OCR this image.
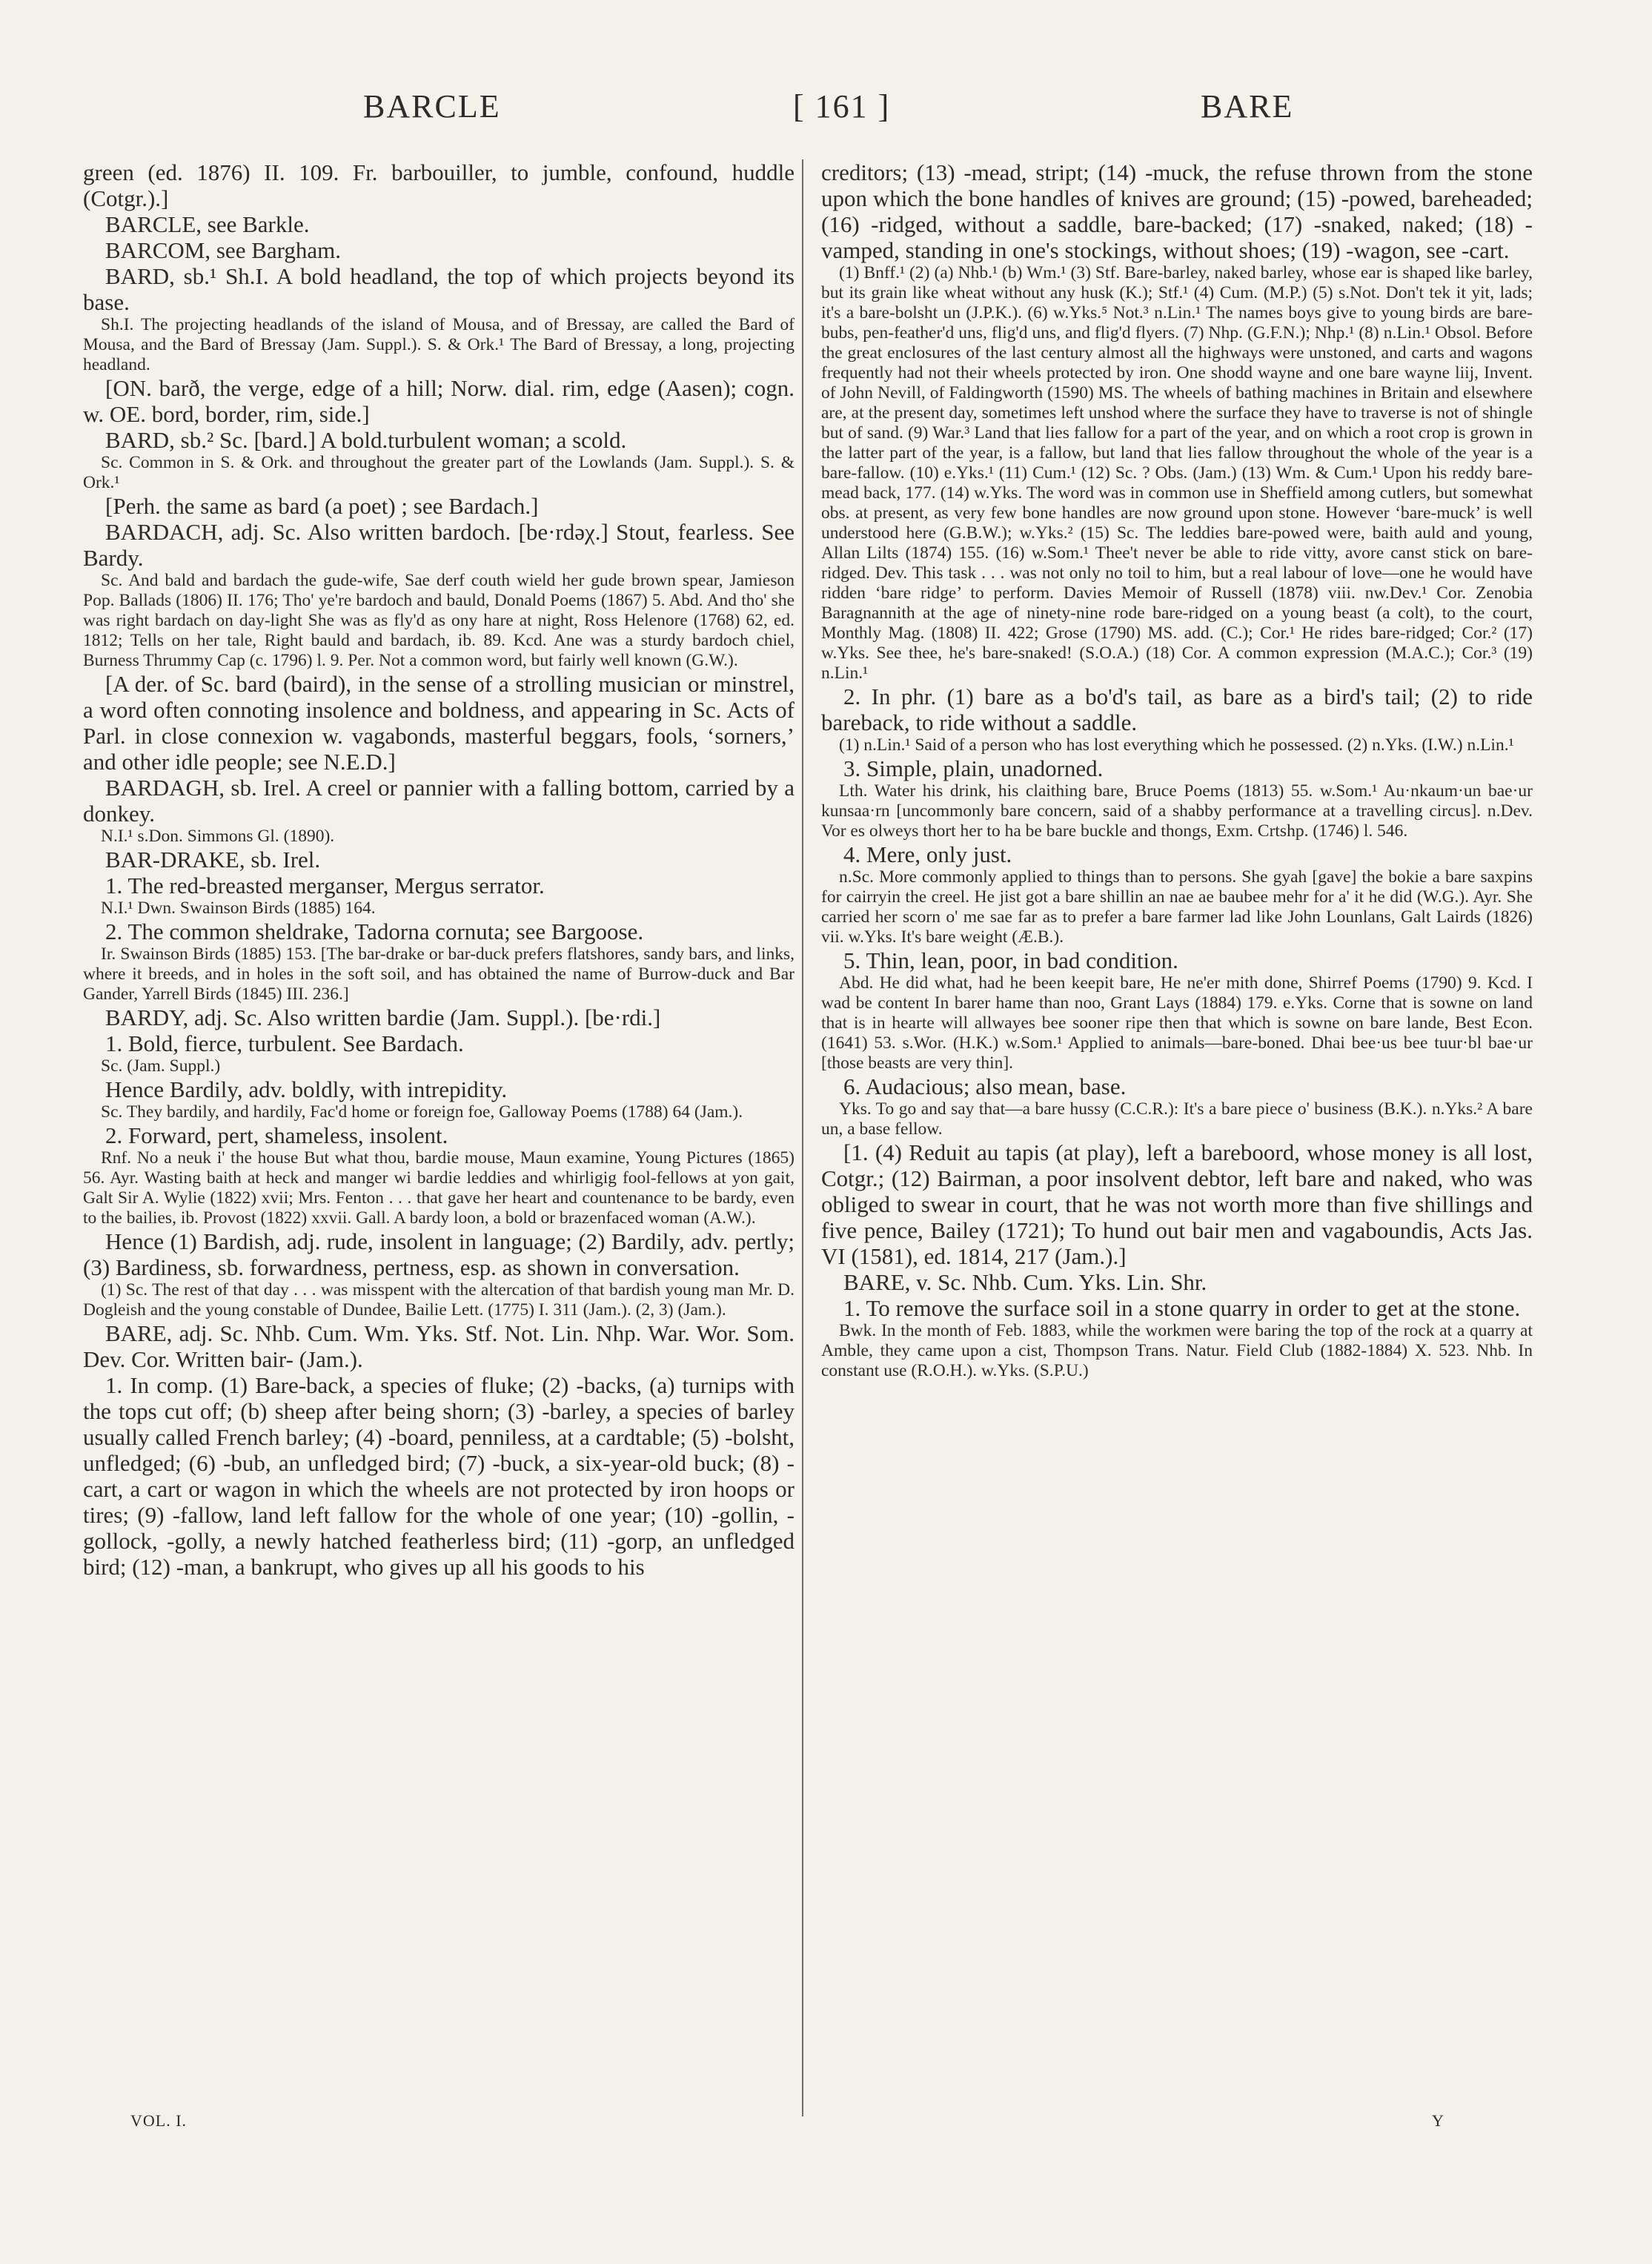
BARCLE	[ 161 ]	BARE

green (ed. 1876) II. 109. Fr. barbouiller, to jumble, confound, huddle (Cotgr.).]

BARCLE, see Barkle.

BARCOM, see Bargham.

BARD, sb.¹ Sh.I. A bold headland, the top of which projects beyond its base.

Sh.I. The projecting headlands of the island of Mousa, and of Bressay, are called the Bard of Mousa, and the Bard of Bressay (Jam. Suppl.). S. & Ork.¹ The Bard of Bressay, a long, projecting headland.

[ON. barð, the verge, edge of a hill; Norw. dial. rim, edge (Aasen); cogn. w. OE. bord, border, rim, side.]

BARD, sb.² Sc. [bard.] A bold.turbulent woman; a scold.

Sc. Common in S. & Ork. and throughout the greater part of the Lowlands (Jam. Suppl.). S. & Ork.¹

[Perh. the same as bard (a poet) ; see Bardach.]

BARDACH, adj. Sc. Also written bardoch. [be·rdəχ.] Stout, fearless. See Bardy.

Sc. And bald and bardach the gude-wife, Sae derf couth wield her gude brown spear, Jamieson Pop. Ballads (1806) II. 176; Tho' ye're bardoch and bauld, Donald Poems (1867) 5. Abd. And tho' she was right bardach on day-light She was as fly'd as ony hare at night, Ross Helenore (1768) 62, ed. 1812; Tells on her tale, Right bauld and bardach, ib. 89. Kcd. Ane was a sturdy bardoch chiel, Burness Thrummy Cap (c. 1796) l. 9. Per. Not a common word, but fairly well known (G.W.).

[A der. of Sc. bard (baird), in the sense of a strolling musician or minstrel, a word often connoting insolence and boldness, and appearing in Sc. Acts of Parl. in close connexion w. vagabonds, masterful beggars, fools, ‘sorners,’ and other idle people; see N.E.D.]

BARDAGH, sb. Irel. A creel or pannier with a falling bottom, carried by a donkey.

N.I.¹ s.Don. Simmons Gl. (1890).

BAR-DRAKE, sb. Irel.

1. The red-breasted merganser, Mergus serrator.

N.I.¹ Dwn. Swainson Birds (1885) 164.

2. The common sheldrake, Tadorna cornuta; see Bargoose.

Ir. Swainson Birds (1885) 153. [The bar-drake or bar-duck prefers flatshores, sandy bars, and links, where it breeds, and in holes in the soft soil, and has obtained the name of Burrow-duck and Bar Gander, Yarrell Birds (1845) III. 236.]

BARDY, adj. Sc. Also written bardie (Jam. Suppl.). [be·rdi.]

1. Bold, fierce, turbulent. See Bardach.

Sc. (Jam. Suppl.)

Hence Bardily, adv. boldly, with intrepidity.

Sc. They bardily, and hardily, Fac'd home or foreign foe, Galloway Poems (1788) 64 (Jam.).

2. Forward, pert, shameless, insolent.

Rnf. No a neuk i' the house But what thou, bardie mouse, Maun examine, Young Pictures (1865) 56. Ayr. Wasting baith at heck and manger wi bardie leddies and whirligig fool-fellows at yon gait, Galt Sir A. Wylie (1822) xvii; Mrs. Fenton . . . that gave her heart and countenance to be bardy, even to the bailies, ib. Provost (1822) xxvii. Gall. A bardy loon, a bold or brazenfaced woman (A.W.).

Hence (1) Bardish, adj. rude, insolent in language; (2) Bardily, adv. pertly; (3) Bardiness, sb. forwardness, pertness, esp. as shown in conversation.

(1) Sc. The rest of that day . . . was misspent with the altercation of that bardish young man Mr. D. Dogleish and the young constable of Dundee, Bailie Lett. (1775) I. 311 (Jam.). (2, 3) (Jam.).

BARE, adj. Sc. Nhb. Cum. Wm. Yks. Stf. Not. Lin. Nhp. War. Wor. Som. Dev. Cor. Written bair- (Jam.).

1. In comp. (1) Bare-back, a species of fluke; (2) -backs, (a) turnips with the tops cut off; (b) sheep after being shorn; (3) -barley, a species of barley usually called French barley; (4) -board, penniless, at a cardtable; (5) -bolsht, unfledged; (6) -bub, an unfledged bird; (7) -buck, a six-year-old buck; (8) -cart, a cart or wagon in which the wheels are not protected by iron hoops or tires; (9) -fallow, land left fallow for the whole of one year; (10) -gollin, -gollock, -golly, a newly hatched featherless bird; (11) -gorp, an unfledged bird; (12) -man, a bankrupt, who gives up all his goods to his

creditors; (13) -mead, stript; (14) -muck, the refuse thrown from the stone upon which the bone handles of knives are ground; (15) -powed, bareheaded; (16) -ridged, without a saddle, bare-backed; (17) -snaked, naked; (18) -vamped, standing in one's stockings, without shoes; (19) -wagon, see -cart.

(1) Bnff.¹ (2) (a) Nhb.¹ (b) Wm.¹ (3) Stf. Bare-barley, naked barley, whose ear is shaped like barley, but its grain like wheat without any husk (K.); Stf.¹ (4) Cum. (M.P.) (5) s.Not. Don't tek it yit, lads; it's a bare-bolsht un (J.P.K.). (6) w.Yks.⁵ Not.³ n.Lin.¹ The names boys give to young birds are bare-bubs, pen-feather'd uns, flig'd uns, and flig'd flyers. (7) Nhp. (G.F.N.); Nhp.¹ (8) n.Lin.¹ Obsol. Before the great enclosures of the last century almost all the highways were unstoned, and carts and wagons frequently had not their wheels protected by iron. One shodd wayne and one bare wayne liij, Invent. of John Nevill, of Faldingworth (1590) MS. The wheels of bathing machines in Britain and elsewhere are, at the present day, sometimes left unshod where the surface they have to traverse is not of shingle but of sand. (9) War.³ Land that lies fallow for a part of the year, and on which a root crop is grown in the latter part of the year, is a fallow, but land that lies fallow throughout the whole of the year is a bare-fallow. (10) e.Yks.¹ (11) Cum.¹ (12) Sc. ? Obs. (Jam.) (13) Wm. & Cum.¹ Upon his reddy bare-mead back, 177. (14) w.Yks. The word was in common use in Sheffield among cutlers, but somewhat obs. at present, as very few bone handles are now ground upon stone. However ‘bare-muck’ is well understood here (G.B.W.); w.Yks.² (15) Sc. The leddies bare-powed were, baith auld and young, Allan Lilts (1874) 155. (16) w.Som.¹ Thee't never be able to ride vitty, avore canst stick on bare-ridged. Dev. This task . . . was not only no toil to him, but a real labour of love—one he would have ridden ‘bare ridge’ to perform. Davies Memoir of Russell (1878) viii. nw.Dev.¹ Cor. Zenobia Baragnannith at the age of ninety-nine rode bare-ridged on a young beast (a colt), to the court, Monthly Mag. (1808) II. 422; Grose (1790) MS. add. (C.); Cor.¹ He rides bare-ridged; Cor.² (17) w.Yks. See thee, he's bare-snaked! (S.O.A.) (18) Cor. A common expression (M.A.C.); Cor.³ (19) n.Lin.¹

2. In phr. (1) bare as a bo'd's tail, as bare as a bird's tail; (2) to ride bareback, to ride without a saddle.

(1) n.Lin.¹ Said of a person who has lost everything which he possessed. (2) n.Yks. (I.W.) n.Lin.¹

3. Simple, plain, unadorned.

Lth. Water his drink, his claithing bare, Bruce Poems (1813) 55. w.Som.¹ Au·nkaum·un bae·ur kunsaa·rn [uncommonly bare concern, said of a shabby performance at a travelling circus]. n.Dev. Vor es olweys thort her to ha be bare buckle and thongs, Exm. Crtshp. (1746) l. 546.

4. Mere, only just.

n.Sc. More commonly applied to things than to persons. She gyah [gave] the bokie a bare saxpins for cairryin the creel. He jist got a bare shillin an nae ae baubee mehr for a' it he did (W.G.). Ayr. She carried her scorn o' me sae far as to prefer a bare farmer lad like John Lounlans, Galt Lairds (1826) vii. w.Yks. It's bare weight (Æ.B.).

5. Thin, lean, poor, in bad condition.

Abd. He did what, had he been keepit bare, He ne'er mith done, Shirref Poems (1790) 9. Kcd. I wad be content In barer hame than noo, Grant Lays (1884) 179. e.Yks. Corne that is sowne on land that is in hearte will allwayes bee sooner ripe then that which is sowne on bare lande, Best Econ. (1641) 53. s.Wor. (H.K.) w.Som.¹ Applied to animals—bare-boned. Dhai bee·us bee tuur·bl bae·ur [those beasts are very thin].

6. Audacious; also mean, base.

Yks. To go and say that—a bare hussy (C.C.R.): It's a bare piece o' business (B.K.). n.Yks.² A bare un, a base fellow.

[1. (4) Reduit au tapis (at play), left a bareboord, whose money is all lost, Cotgr.; (12) Bairman, a poor insolvent debtor, left bare and naked, who was obliged to swear in court, that he was not worth more than five shillings and five pence, Bailey (1721); To hund out bair men and vagaboundis, Acts Jas. VI (1581), ed. 1814, 217 (Jam.).]

BARE, v. Sc. Nhb. Cum. Yks. Lin. Shr.

1. To remove the surface soil in a stone quarry in order to get at the stone.

Bwk. In the month of Feb. 1883, while the workmen were baring the top of the rock at a quarry at Amble, they came upon a cist, Thompson Trans. Natur. Field Club (1882-1884) X. 523. Nhb. In constant use (R.O.H.). w.Yks. (S.P.U.)

VOL. I.	Y
